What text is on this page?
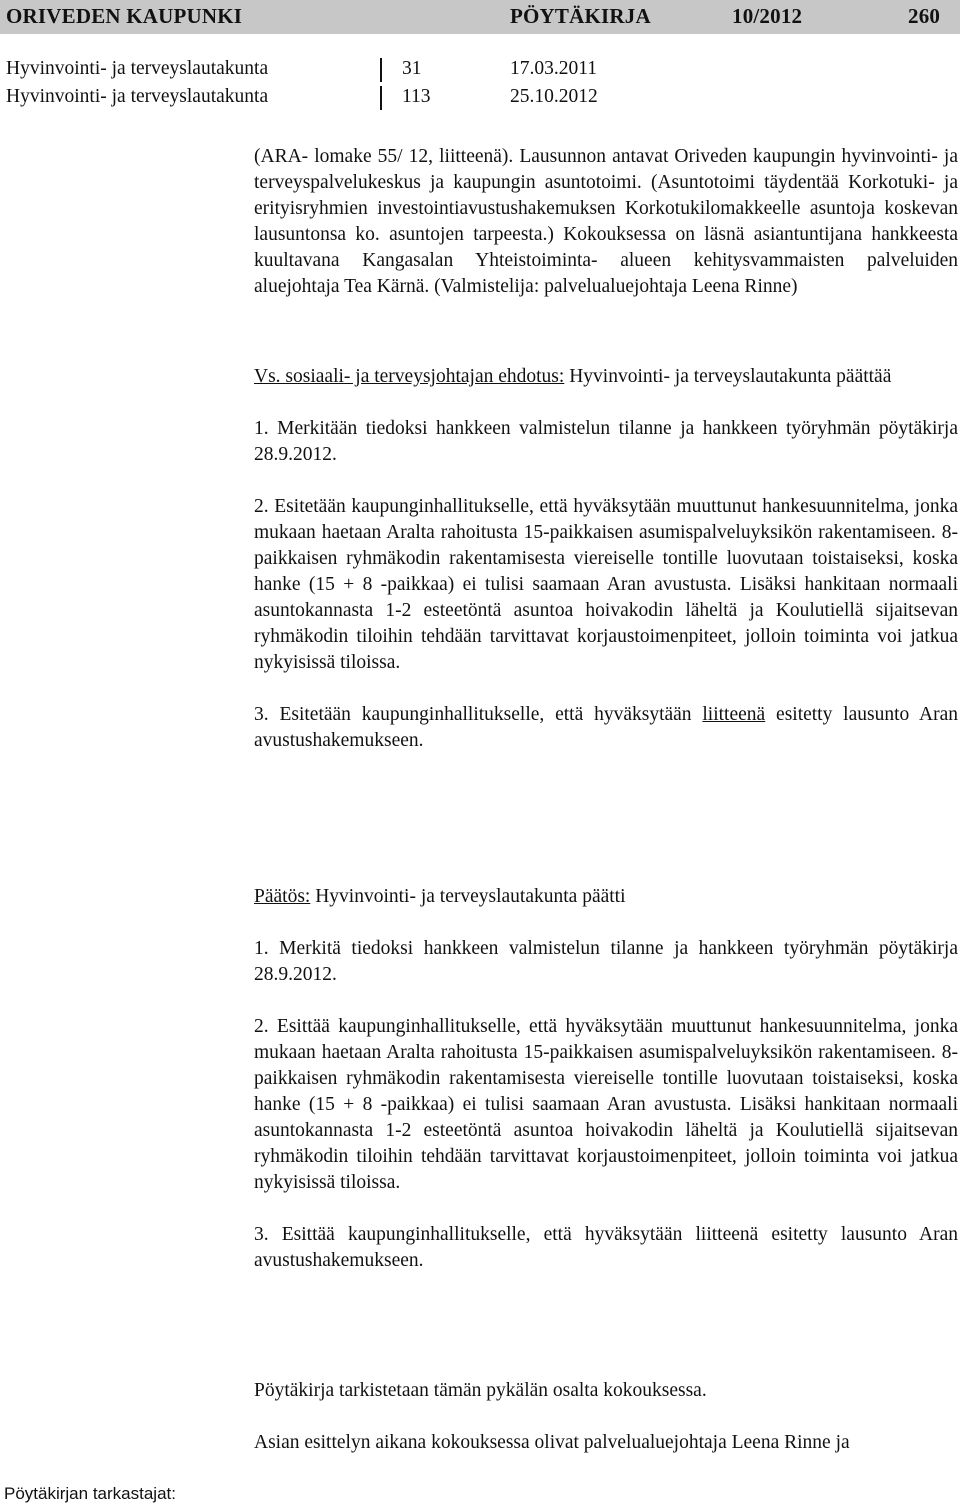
ORIVEDEN KAUPUNKI	PÖYTÄKIRJA	10/2012	260
Hyvinvointi- ja terveyslautakunta	31	17.03.2011
Hyvinvointi- ja terveyslautakunta	113	25.10.2012

(ARA- lomake 55/ 12, liitteenä). Lausunnon antavat Oriveden kaupungin hyvinvointi- ja terveyspalvelukeskus ja kaupungin asuntotoimi. (Asuntotoimi täydentää Korkotuki- ja erityisryhmien investointiavustushakemuksen Korkotukilomakkeelle asuntoja koskevan lausuntonsa ko. asuntojen tarpeesta.) Kokouksessa on läsnä asiantuntijana hankkeesta kuultavana Kangasalan Yhteistoiminta- alueen kehitysvammaisten palveluiden aluejohtaja Tea Kärnä. (Valmistelija: palvelualuejohtaja Leena Rinne)

Vs. sosiaali- ja terveysjohtajan ehdotus: Hyvinvointi- ja terveyslautakunta päättää

1. Merkitään tiedoksi hankkeen valmistelun tilanne ja hankkeen työryhmän pöytäkirja 28.9.2012.

2. Esitetään kaupunginhallitukselle, että hyväksytään muuttunut hankesuunnitelma, jonka mukaan haetaan Aralta rahoitusta 15-paikkaisen asumispalveluyksikön rakentamiseen. 8-paikkaisen ryhmäkodin rakentamisesta viereiselle tontille luovutaan toistaiseksi, koska hanke (15 + 8 -paikkaa) ei tulisi saamaan Aran avustusta. Lisäksi hankitaan normaali asuntokannasta 1-2 esteetöntä asuntoa hoivakodin läheltä ja Koulutiellä sijaitsevan ryhmäkodin tiloihin tehdään tarvittavat korjaustoimenpiteet, jolloin toiminta voi jatkua nykyisissä tiloissa.

3. Esitetään kaupunginhallitukselle, että hyväksytään liitteenä esitetty lausunto Aran avustushakemukseen.

Päätös: Hyvinvointi- ja terveyslautakunta päätti

1. Merkitä tiedoksi hankkeen valmistelun tilanne ja hankkeen työryhmän pöytäkirja 28.9.2012.

2. Esittää kaupunginhallitukselle, että hyväksytään muuttunut hankesuunnitelma, jonka mukaan haetaan Aralta rahoitusta 15-paikkaisen asumispalveluyksikön rakentamiseen. 8-paikkaisen ryhmäkodin rakentamisesta viereiselle tontille luovutaan toistaiseksi, koska hanke (15 + 8 -paikkaa) ei tulisi saamaan Aran avustusta. Lisäksi hankitaan normaali asuntokannasta 1-2 esteetöntä asuntoa hoivakodin läheltä ja Koulutiellä sijaitsevan ryhmäkodin tiloihin tehdään tarvittavat korjaustoimenpiteet, jolloin toiminta voi jatkua nykyisissä tiloissa.

3. Esittää kaupunginhallitukselle, että hyväksytään liitteenä esitetty lausunto Aran avustushakemukseen.

Pöytäkirja tarkistetaan tämän pykälän osalta kokouksessa.

Asian esittelyn aikana kokouksessa olivat palvelualuejohtaja Leena Rinne ja

Pöytäkirjan tarkastajat:
